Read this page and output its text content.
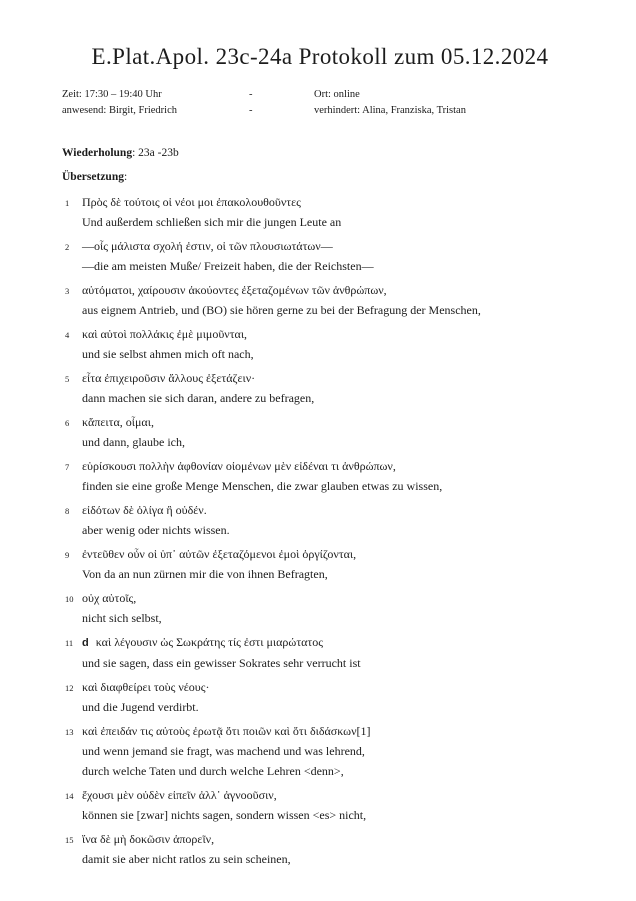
E.Plat.Apol. 23c-24a Protokoll zum 05.12.2024
Zeit: 17:30 – 19:40 Uhr	-	Ort: online
anwesend: Birgit, Friedrich	-	verhindert: Alina, Franziska, Tristan

Wiederholung: 23a -23b

Übersetzung:

1	Πρὸς δὲ τούτοις οἱ νέοι μοι ἐπακολουθοῦντες
Und außerdem schließen sich mir die jungen Leute an
2	—οἷς μάλιστα σχολή ἐστιν, οἱ τῶν πλουσιωτάτων—
—die am meisten Muße/ Freizeit haben, die der Reichsten—
3	αὐτόματοι, χαίρουσιν ἀκούοντες ἐξεταζομένων τῶν ἀνθρώπων,
aus eignem Antrieb, und (BO) sie hören gerne zu bei der Befragung der Menschen,
4	καὶ αὐτοὶ πολλάκις ἐμὲ μιμοῦνται,
und sie selbst ahmen mich oft nach,
5	εἶτα ἐπιχειροῦσιν ἄλλους ἐξετάζειν·
dann machen sie sich daran, andere zu befragen,
6	κἄπειτα, οἶμαι,
und dann, glaube ich,
7	εὑρίσκουσι πολλὴν ἀφθονίαν οἰομένων μὲν εἰδέναι τι ἀνθρώπων,
finden sie eine große Menge Menschen, die zwar glauben etwas zu wissen,
8	εἰδότων δὲ ὀλίγα ἢ οὐδέν.
aber wenig oder nichts wissen.
9	ἐντεῦθεν οὖν οἱ ὑπ᾽ αὐτῶν ἐξεταζόμενοι ἐμοὶ ὀργίζονται,
Von da an nun zürnen mir die von ihnen Befragten,
10 οὐχ αὑτοῖς,
nicht sich selbst,
11 d καὶ λέγουσιν ὡς Σωκράτης τίς ἐστι μιαρώτατος
und sie sagen, dass ein gewisser Sokrates sehr verrucht ist
12 καὶ διαφθείρει τοὺς νέους·
und die Jugend verdirbt.
13 καὶ ἐπειδάν τις αὐτοὺς ἐρωτᾷ ὅτι ποιῶν καὶ ὅτι διδάσκων[1]
und wenn jemand sie fragt, was machend und was lehrend,
durch welche Taten und durch welche Lehren <denn>,
14 ἔχουσι μὲν οὐδὲν εἰπεῖν ἀλλ᾽ ἀγνοοῦσιν,
können sie [zwar] nichts sagen, sondern wissen <es> nicht,
15 ἵνα δὲ μὴ δοκῶσιν ἀπορεῖν,
damit sie aber nicht ratlos zu sein scheinen,
